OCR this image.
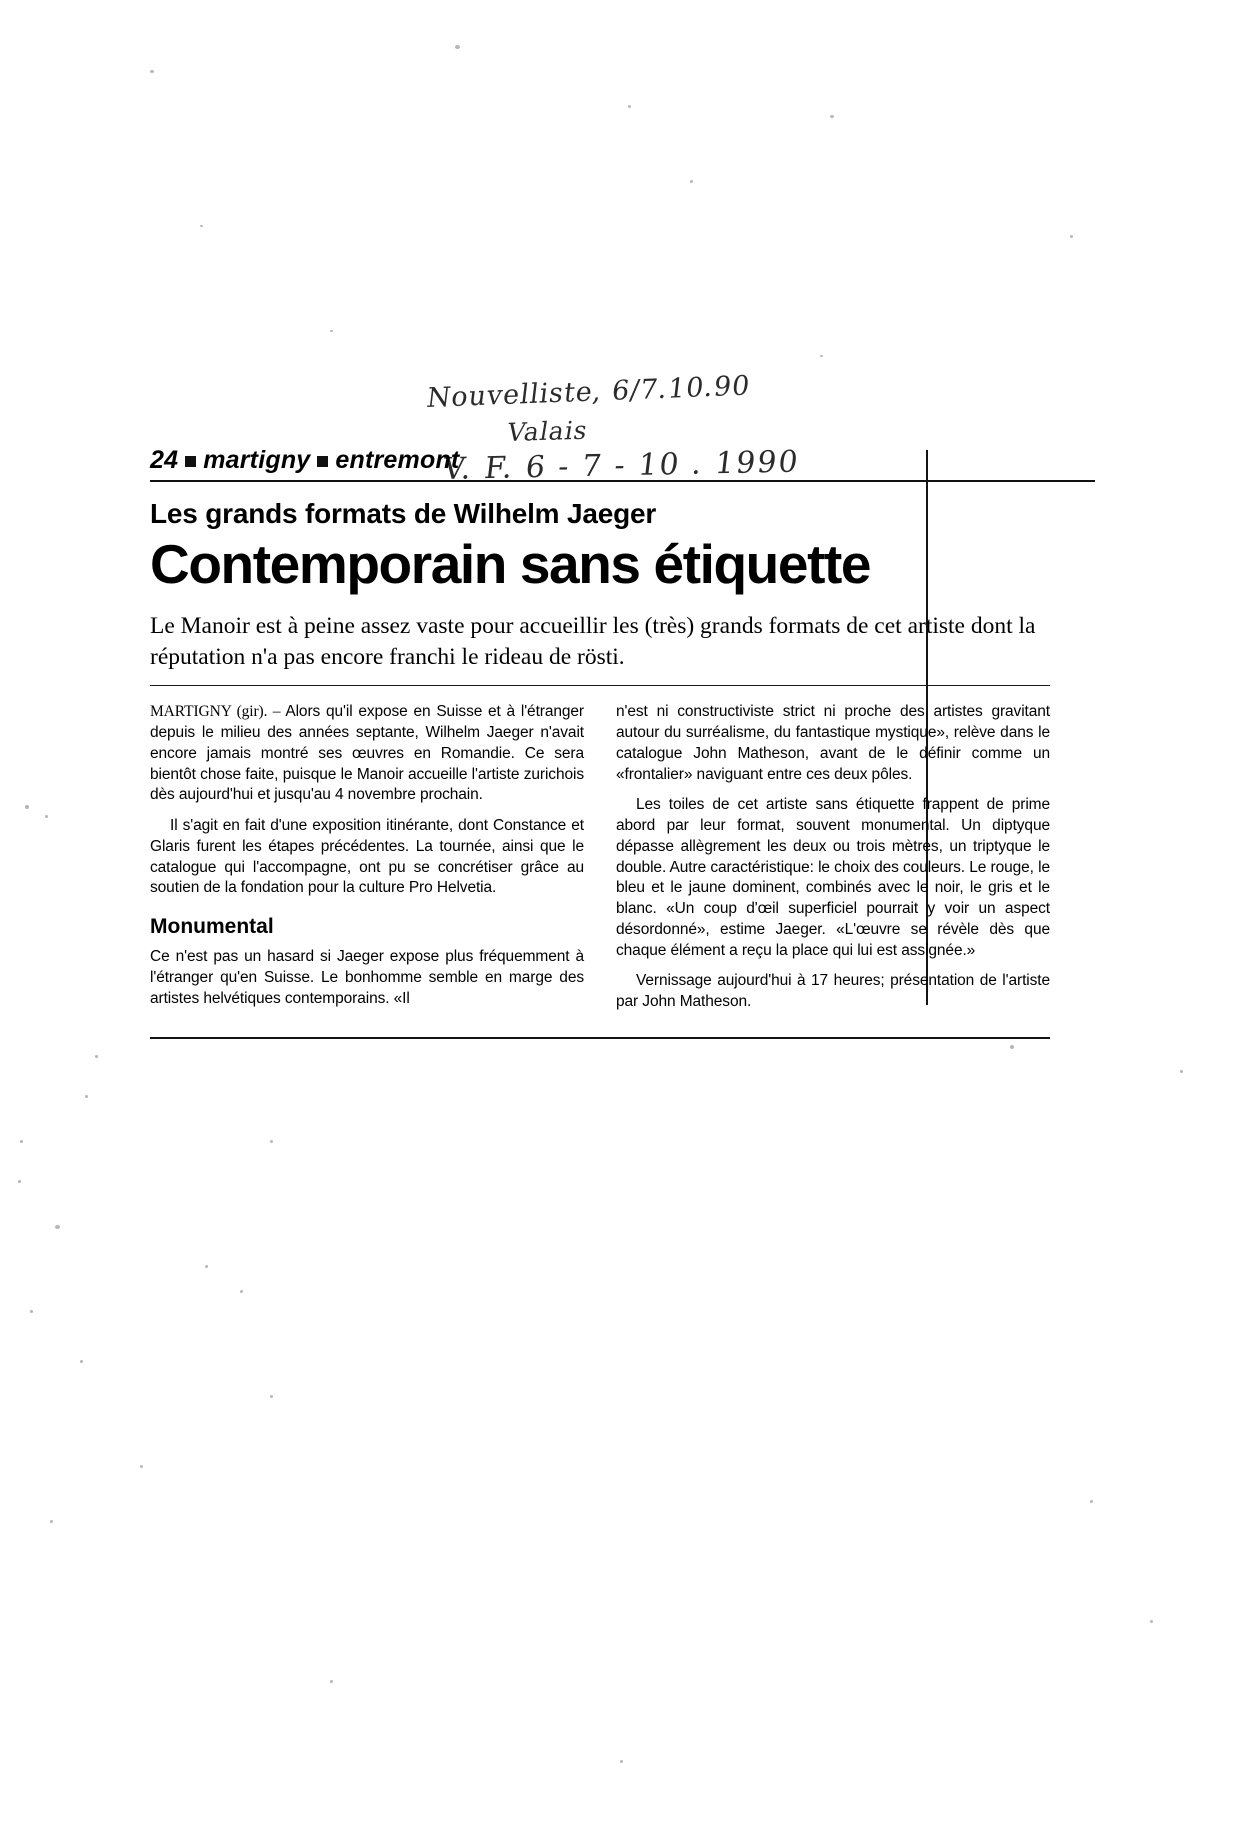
Nouvelliste, 6/7.10.90
Valais
V. F. 6 - 7 - 10 . 1990
24 martigny entremont
Les grands formats de Wilhelm Jaeger
Contemporain sans étiquette
Le Manoir est à peine assez vaste pour accueillir les (très) grands formats de cet artiste dont la réputation n'a pas encore franchi le rideau de rösti.

MARTIGNY (gir). – Alors qu'il expose en Suisse et à l'étranger depuis le milieu des années septante, Wilhelm Jaeger n'avait encore jamais montré ses œuvres en Romandie. Ce sera bientôt chose faite, puisque le Manoir accueille l'artiste zurichois dès aujourd'hui et jusqu'au 4 novembre prochain.

Il s'agit en fait d'une exposition itinérante, dont Constance et Glaris furent les étapes précédentes. La tournée, ainsi que le catalogue qui l'accompagne, ont pu se concrétiser grâce au soutien de la fondation pour la culture Pro Helvetia.

Monumental

Ce n'est pas un hasard si Jaeger expose plus fréquemment à l'étranger qu'en Suisse. Le bonhomme semble en marge des artistes helvétiques contemporains. «Il

n'est ni constructiviste strict ni proche des artistes gravitant autour du surréalisme, du fantastique mystique», relève dans le catalogue John Matheson, avant de le définir comme un «frontalier» naviguant entre ces deux pôles.

Les toiles de cet artiste sans étiquette frappent de prime abord par leur format, souvent monumental. Un diptyque dépasse allègrement les deux ou trois mètres, un triptyque le double. Autre caractéristique: le choix des couleurs. Le rouge, le bleu et le jaune dominent, combinés avec le noir, le gris et le blanc. «Un coup d'œil superficiel pourrait y voir un aspect désordonné», estime Jaeger. «L'œuvre se révèle dès que chaque élément a reçu la place qui lui est assignée.»

Vernissage aujourd'hui à 17 heures; présentation de l'artiste par John Matheson.
